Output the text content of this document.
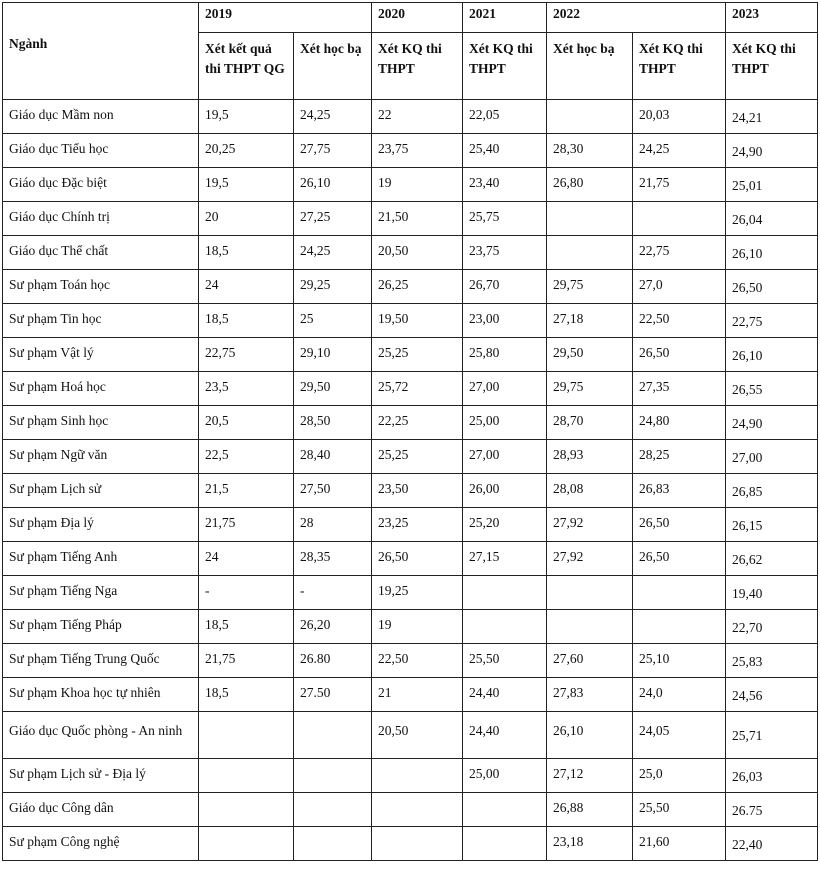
Ngành	2019		2020	2021	2022		2023
	Xét kết quả thi THPT QG	Xét học bạ	Xét KQ thi THPT	Xét KQ thi THPT	Xét học bạ	Xét KQ thi THPT	Xét KQ thi THPT
Giáo dục Mầm non	19,5	24,25	22	22,05		20,03	24,21
Giáo dục Tiểu học	20,25	27,75	23,75	25,40	28,30	24,25	24,90
Giáo dục Đặc biệt	19,5	26,10	19	23,40	26,80	21,75	25,01
Giáo dục Chính trị	20	27,25	21,50	25,75			26,04
Giáo dục Thể chất	18,5	24,25	20,50	23,75		22,75	26,10
Sư phạm Toán học	24	29,25	26,25	26,70	29,75	27,0	26,50
Sư phạm Tin học	18,5	25	19,50	23,00	27,18	22,50	22,75
Sư phạm Vật lý	22,75	29,10	25,25	25,80	29,50	26,50	26,10
Sư phạm Hoá học	23,5	29,50	25,72	27,00	29,75	27,35	26,55
Sư phạm Sinh học	20,5	28,50	22,25	25,00	28,70	24,80	24,90
Sư phạm Ngữ văn	22,5	28,40	25,25	27,00	28,93	28,25	27,00
Sư phạm Lịch sử	21,5	27,50	23,50	26,00	28,08	26,83	26,85
Sư phạm Địa lý	21,75	28	23,25	25,20	27,92	26,50	26,15
Sư phạm Tiếng Anh	24	28,35	26,50	27,15	27,92	26,50	26,62
Sư phạm Tiếng Nga	-	-	19,25				19,40
Sư phạm Tiếng Pháp	18,5	26,20	19				22,70
Sư phạm Tiếng Trung Quốc	21,75	26.80	22,50	25,50	27,60	25,10	25,83
Sư phạm Khoa học tự nhiên	18,5	27.50	21	24,40	27,83	24,0	24,56
Giáo dục Quốc phòng - An ninh			20,50	24,40	26,10	24,05	25,71
Sư phạm Lịch sử - Địa lý				25,00	27,12	25,0	26,03
Giáo dục Công dân					26,88	25,50	26.75
Sư phạm Công nghệ					23,18	21,60	22,40
